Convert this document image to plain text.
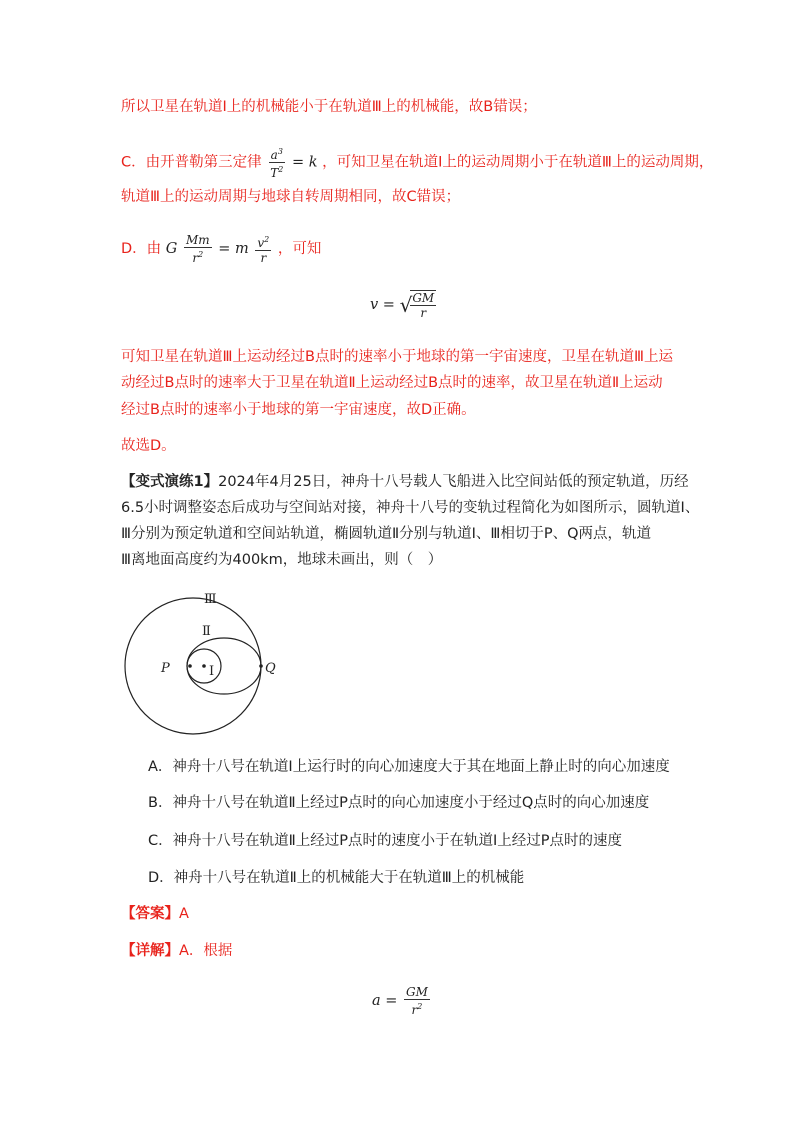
所以卫星在轨道Ⅰ上的机械能小于在轨道Ⅲ上的机械能，故B错误；
C．由开普勒第三定律 $\frac{a^3}{T^2} = k$ ，可知卫星在轨道Ⅰ上的运动周期小于在轨道Ⅲ上的运动周期，
轨道Ⅲ上的运动周期与地球自转周期相同，故C错误；
D．由 G $\frac{Mm}{r^2} = m \frac{v^2}{r}$ ，可知
v = √
$\frac{GM}{r}$
可知卫星在轨道Ⅲ上运动经过B点时的速率小于地球的第一宇宙速度，卫星在轨道Ⅲ上运
动经过B点时的速率大于卫星在轨道Ⅱ上运动经过B点时的速率，故卫星在轨道Ⅱ上运动
经过B点时的速率小于地球的第一宇宙速度，故D正确。
故选D。
【变式演练1】2024年4月25日，神舟十八号载人飞船进入比空间站低的预定轨道，历经
6.5小时调整姿态后成功与空间站对接，神舟十八号的变轨过程简化为如图所示，圆轨道Ⅰ、
Ⅲ分别为预定轨道和空间站轨道，椭圆轨道Ⅱ分别与轨道Ⅰ、Ⅲ相切于P、Q两点，轨道
Ⅲ离地面高度约为400km，地球未画出，则（　）
Ⅲ
Ⅱ
Ⅰ
P	Q
A．神舟十八号在轨道Ⅰ上运行时的向心加速度大于其在地面上静止时的向心加速度
B．神舟十八号在轨道Ⅱ上经过P点时的向心加速度小于经过Q点时的向心加速度
C．神舟十八号在轨道Ⅱ上经过P点时的速度小于在轨道Ⅰ上经过P点时的速度
D．神舟十八号在轨道Ⅱ上的机械能大于在轨道Ⅲ上的机械能
【答案】A
【详解】A．根据
$a = \frac{GM}{r^2}$
